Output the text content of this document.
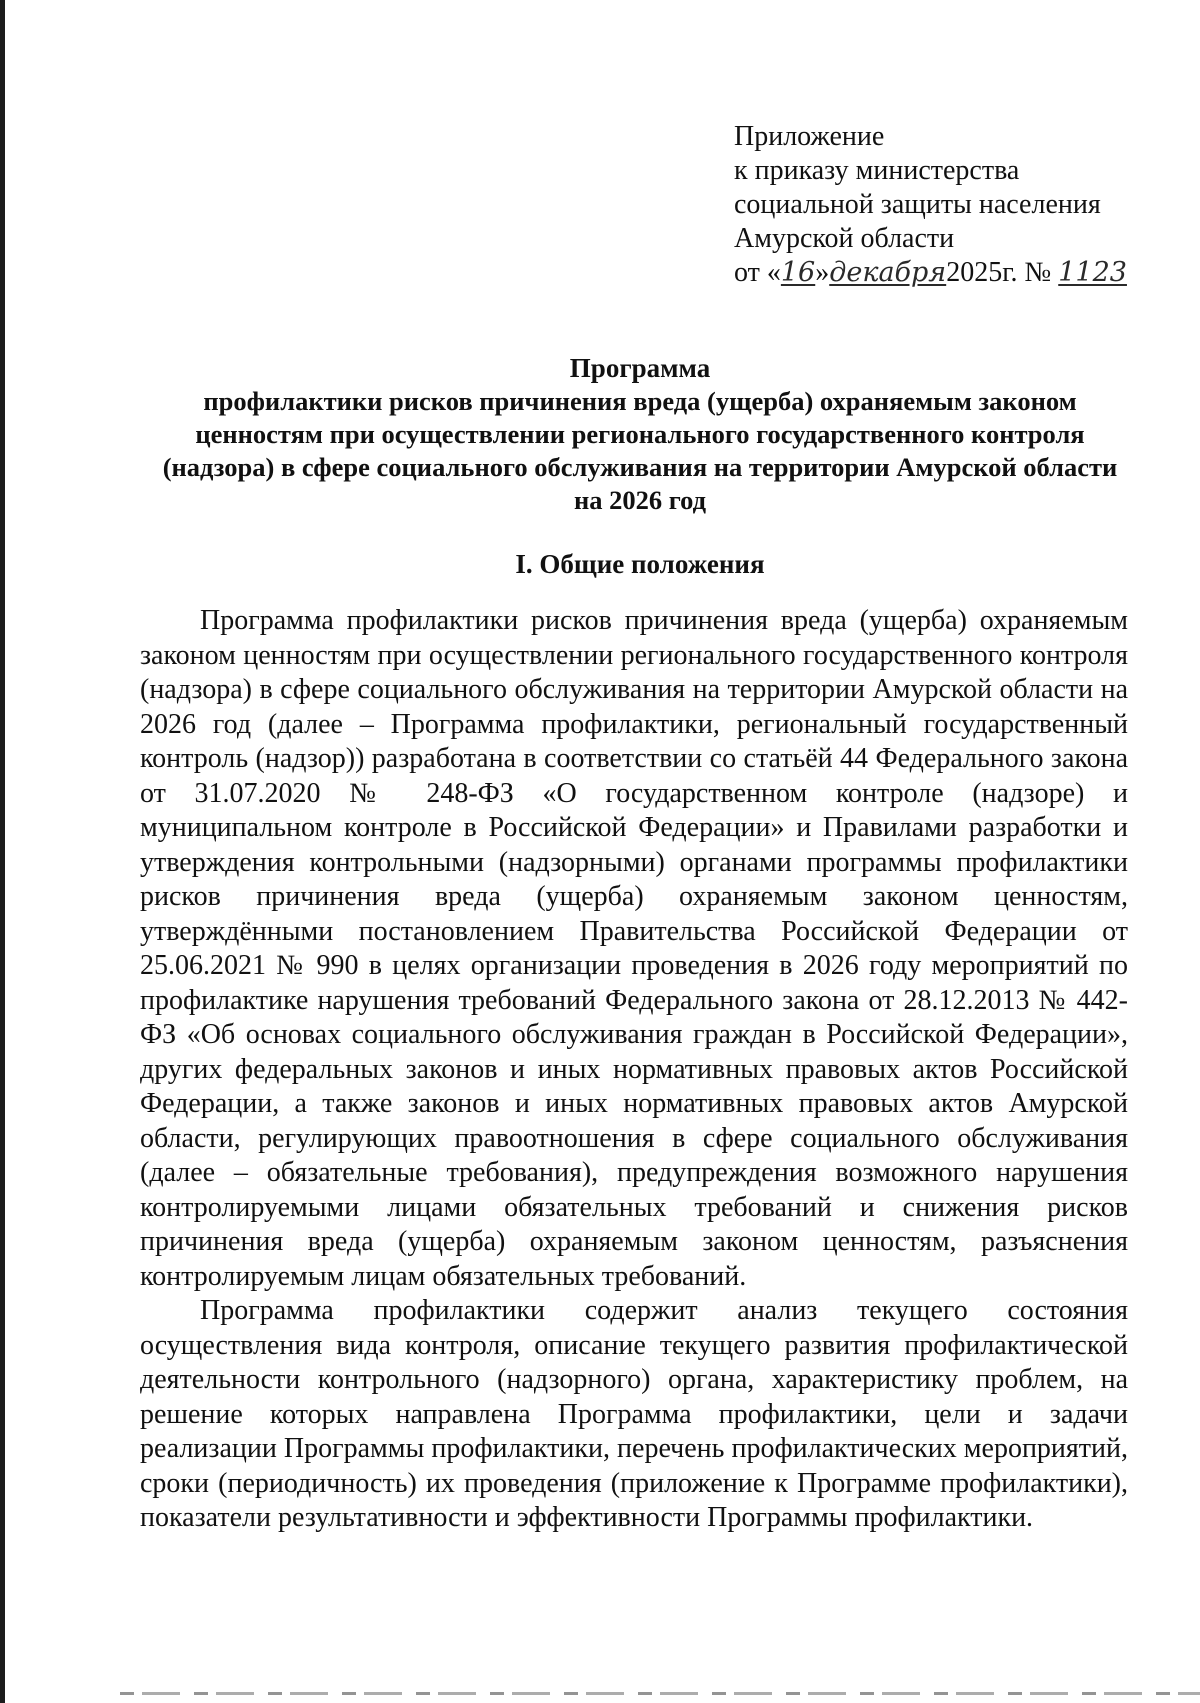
Приложение
к приказу министерства
социальной защиты населения
Амурской области
от «16»декабря2025г. № 1123
Программа
профилактики рисков причинения вреда (ущерба) охраняемым законом ценностям при осуществлении регионального государственного контроля (надзора) в сфере социального обслуживания на территории Амурской области на 2026 год
I. Общие положения

Программа профилактики рисков причинения вреда (ущерба) охраняемым законом ценностям при осуществлении регионального государственного контроля (надзора) в сфере социального обслуживания на территории Амурской области на 2026 год (далее – Программа профилактики, региональный государственный контроль (надзор)) разработана в соответствии со статьёй 44 Федерального закона от 31.07.2020 № 248-ФЗ «О государственном контроле (надзоре) и муниципальном контроле в Российской Федерации» и Правилами разработки и утверждения контрольными (надзорными) органами программы профилактики рисков причинения вреда (ущерба) охраняемым законом ценностям, утверждёнными постановлением Правительства Российской Федерации от 25.06.2021 № 990 в целях организации проведения в 2026 году мероприятий по профилактике нарушения требований Федерального закона от 28.12.2013 № 442-ФЗ «Об основах социального обслуживания граждан в Российской Федерации», других федеральных законов и иных нормативных правовых актов Российской Федерации, а также законов и иных нормативных правовых актов Амурской области, регулирующих правоотношения в сфере социального обслуживания (далее – обязательные требования), предупреждения возможного нарушения контролируемыми лицами обязательных требований и снижения рисков причинения вреда (ущерба) охраняемым законом ценностям, разъяснения контролируемым лицам обязательных требований.

Программа профилактики содержит анализ текущего состояния осуществления вида контроля, описание текущего развития профилактической деятельности контрольного (надзорного) органа, характеристику проблем, на решение которых направлена Программа профилактики, цели и задачи реализации Программы профилактики, перечень профилактических мероприятий, сроки (периодичность) их проведения (приложение к Программе профилактики), показатели результативности и эффективности Программы профилактики.
